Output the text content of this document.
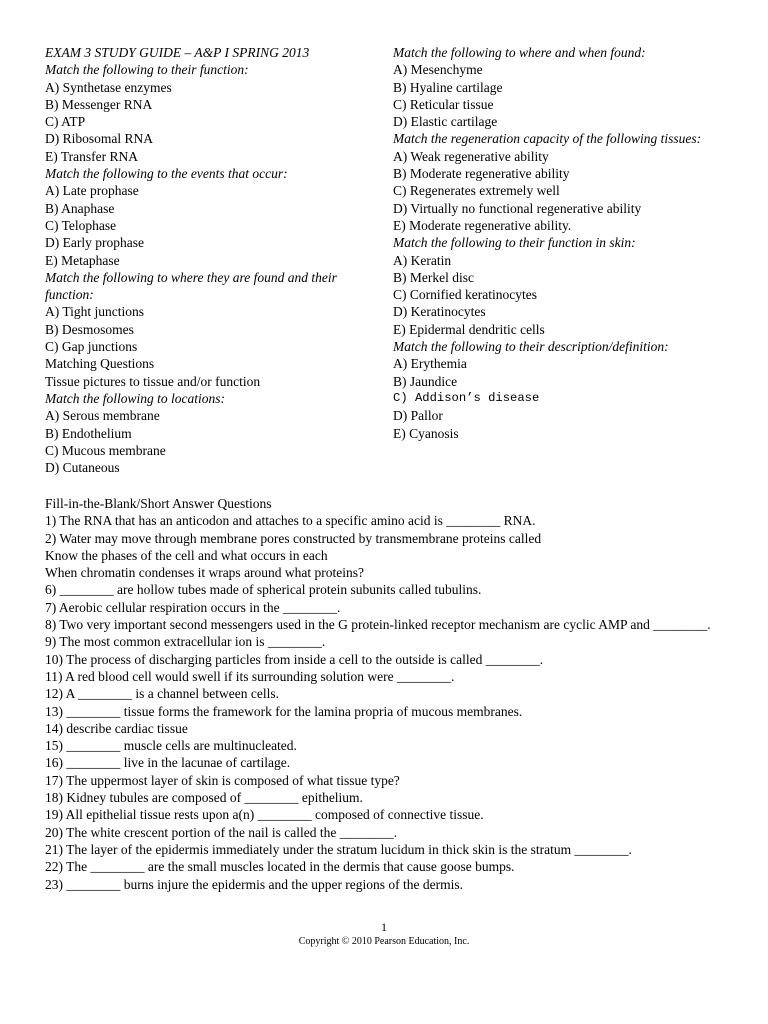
EXAM 3 STUDY GUIDE – A&P I SPRING 2013
Match the following to their function:
A) Synthetase enzymes
B) Messenger RNA
C) ATP
D) Ribosomal RNA
E) Transfer RNA
Match the following to the events that occur:
A) Late prophase
B) Anaphase
C) Telophase
D) Early prophase
E) Metaphase
Match the following to where they are found and their function:
A) Tight junctions
B) Desmosomes
C) Gap junctions
Matching Questions
Tissue pictures to tissue and/or function
Match the following to locations:
A) Serous membrane
B) Endothelium
C) Mucous membrane
D) Cutaneous
Match the following to where and when found:
A) Mesenchyme
B) Hyaline cartilage
C) Reticular tissue
D) Elastic cartilage
Match the regeneration capacity of the following tissues:
A) Weak regenerative ability
B) Moderate regenerative ability
C) Regenerates extremely well
D) Virtually no functional regenerative ability
E) Moderate regenerative ability.
Match the following to their function in skin:
A) Keratin
B) Merkel disc
C) Cornified keratinocytes
D) Keratinocytes
E) Epidermal dendritic cells
Match the following to their description/definition:
A) Erythemia
B) Jaundice
C) Addison’s disease
D) Pallor
E) Cyanosis
Fill-in-the-Blank/Short Answer Questions
1) The RNA that has an anticodon and attaches to a specific amino acid is ________ RNA.
2) Water may move through membrane pores constructed by transmembrane proteins called
Know the phases of the cell and what occurs in each
When chromatin condenses it wraps around what proteins?
6) ________ are hollow tubes made of spherical protein subunits called tubulins.
7) Aerobic cellular respiration occurs in the ________.
8) Two very important second messengers used in the G protein-linked receptor mechanism are cyclic AMP and ________.
9) The most common extracellular ion is ________.
10) The process of discharging particles from inside a cell to the outside is called ________.
11) A red blood cell would swell if its surrounding solution were ________.
12) A ________ is a channel between cells.
13) ________ tissue forms the framework for the lamina propria of mucous membranes.
14) describe cardiac tissue
15) ________ muscle cells are multinucleated.
16) ________ live in the lacunae of cartilage.
17) The uppermost layer of skin is composed of what tissue type?
18) Kidney tubules are composed of ________ epithelium.
19) All epithelial tissue rests upon a(n) ________ composed of connective tissue.
20) The white crescent portion of the nail is called the ________.
21) The layer of the epidermis immediately under the stratum lucidum in thick skin is the stratum ________.
22) The ________ are the small muscles located in the dermis that cause goose bumps.
23) ________ burns injure the epidermis and the upper regions of the dermis.
1
Copyright © 2010 Pearson Education, Inc.
